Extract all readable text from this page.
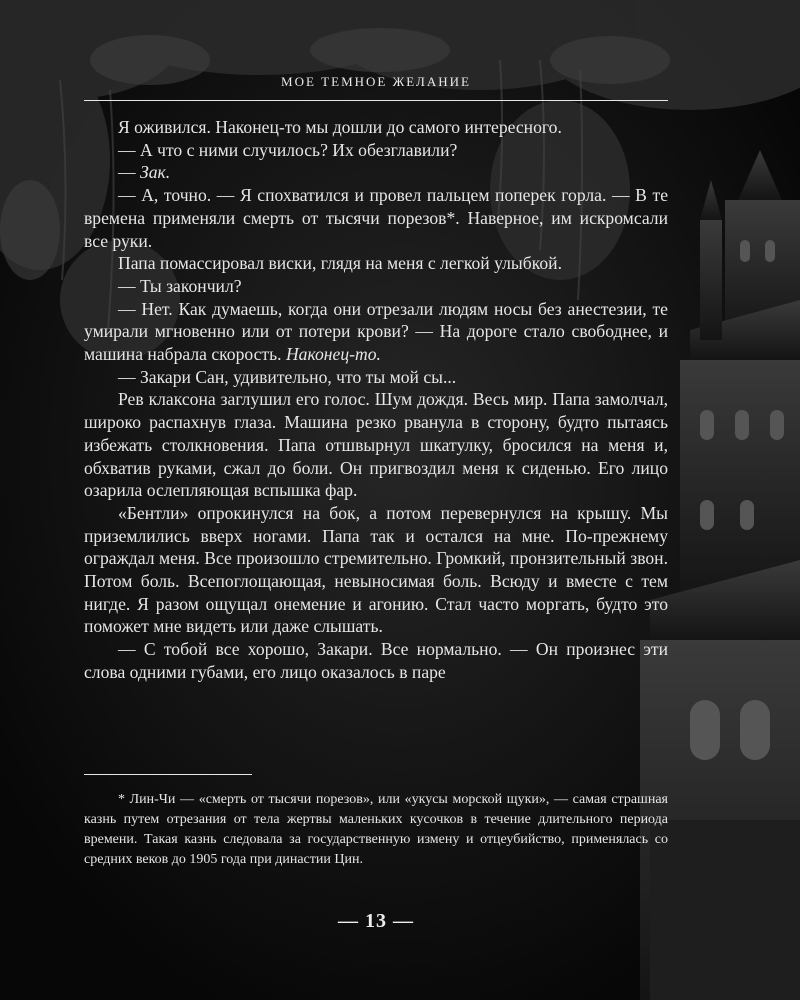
МОЕ ТЕМНОЕ ЖЕЛАНИЕ

Я оживился. Наконец-то мы дошли до самого интересного.

— А что с ними случилось? Их обезглавили?

— Зак.

— А, точно. — Я спохватился и провел пальцем поперек горла. — В те времена применяли смерть от тысячи порезов*. Наверное, им искромсали все руки.

Папа помассировал виски, глядя на меня с легкой улыбкой.

— Ты закончил?

— Нет. Как думаешь, когда они отрезали людям носы без анестезии, те умирали мгновенно или от потери крови? — На дороге стало свободнее, и машина набрала скорость. Наконец-то.

— Закари Сан, удивительно, что ты мой сы...

Рев клаксона заглушил его голос. Шум дождя. Весь мир. Папа замолчал, широко распахнув глаза. Машина резко рванула в сторону, будто пытаясь избежать столкновения. Папа отшвырнул шкатулку, бросился на меня и, обхватив руками, сжал до боли. Он пригвоздил меня к сиденью. Его лицо озарила ослепляющая вспышка фар.

«Бентли» опрокинулся на бок, а потом перевернулся на крышу. Мы приземлились вверх ногами. Папа так и остался на мне. По-прежнему ограждал меня. Все произошло стремительно. Громкий, пронзительный звон. Потом боль. Всепоглощающая, невыносимая боль. Всюду и вместе с тем нигде. Я разом ощущал онемение и агонию. Стал часто моргать, будто это поможет мне видеть или даже слышать.

— С тобой все хорошо, Закари. Все нормально. — Он произнес эти слова одними губами, его лицо оказалось в паре

* Лин-Чи — «смерть от тысячи порезов», или «укусы морской щуки», — самая страшная казнь путем отрезания от тела жертвы маленьких кусочков в течение длительного периода времени. Такая казнь следовала за государственную измену и отцеубийство, применялась со средних веков до 1905 года при династии Цин.

— 13 —
